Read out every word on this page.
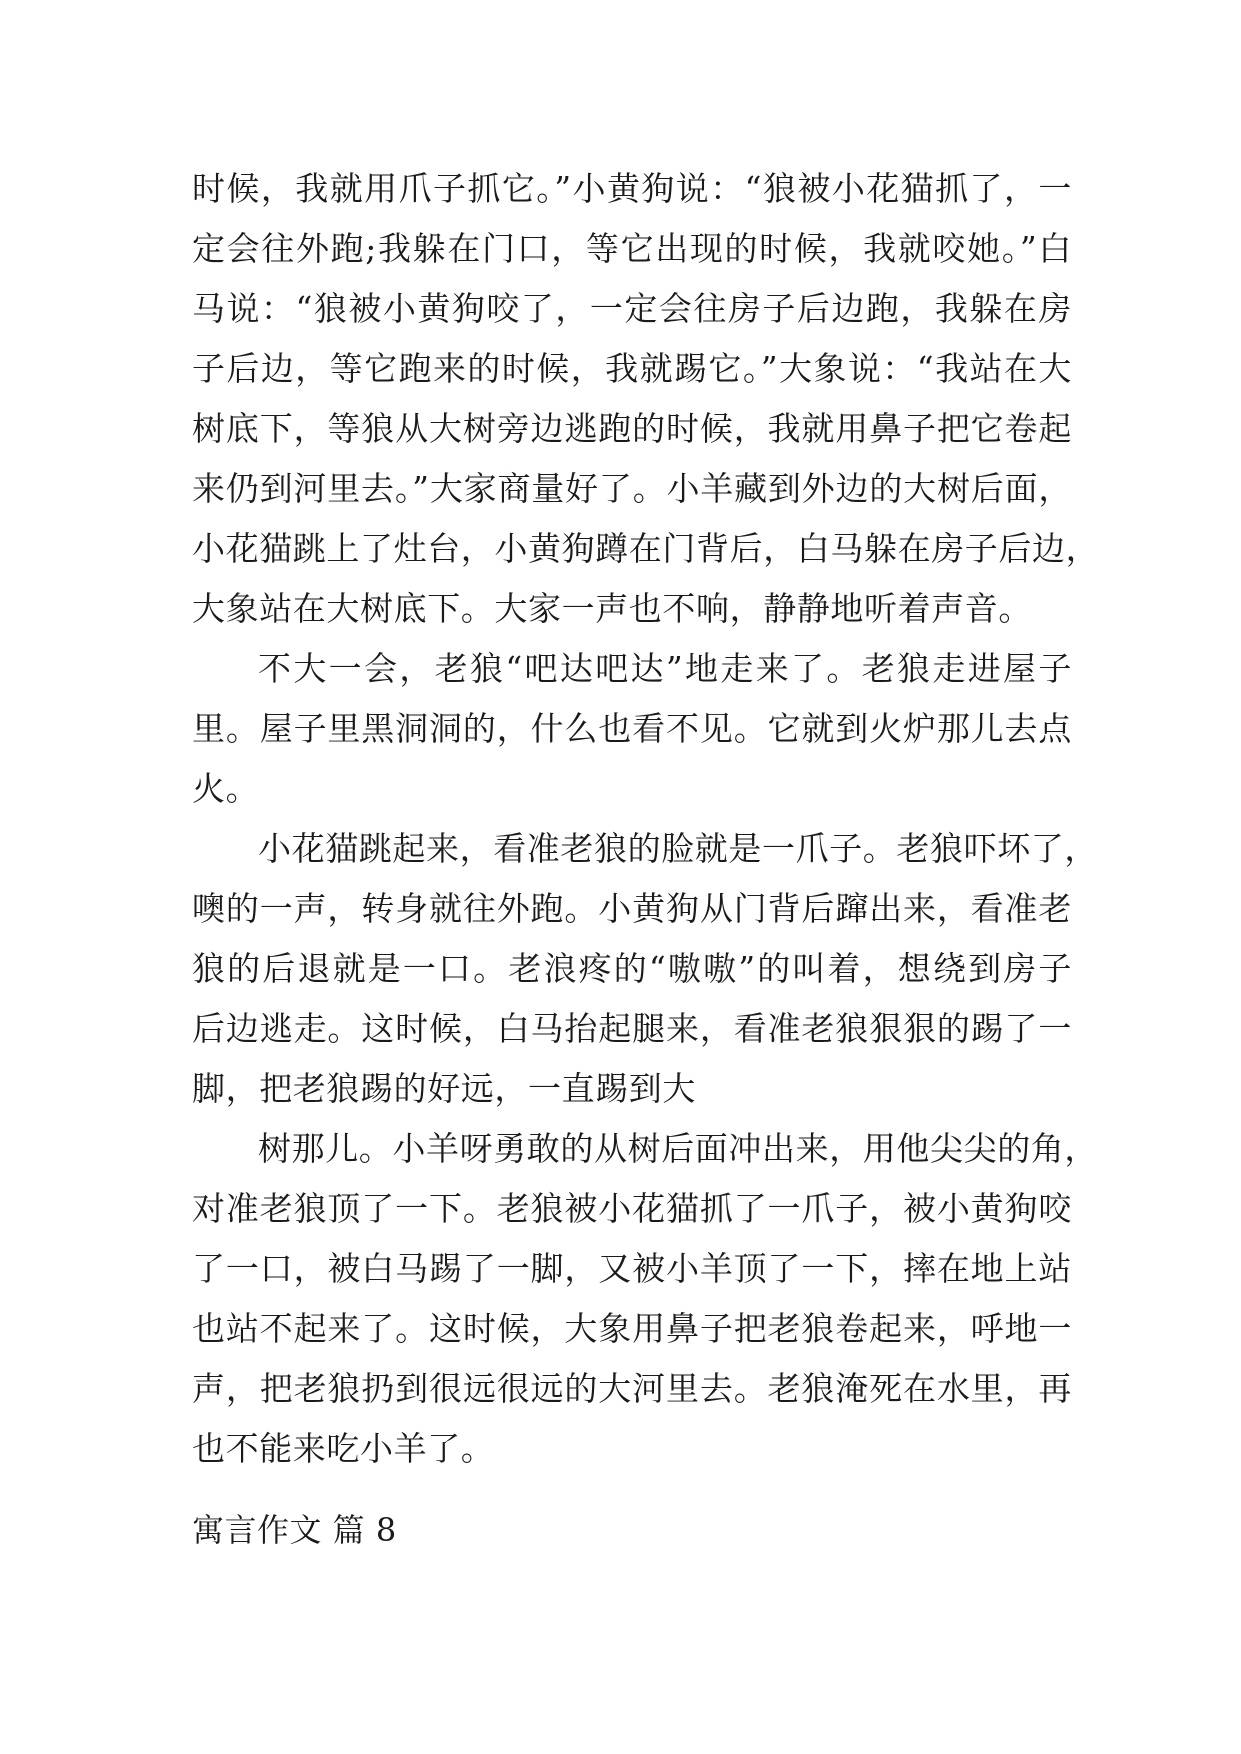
时候，我就用爪子抓它。”小黄狗说：“狼被小花猫抓了，一
定会往外跑;我躲在门口，等它出现的时候，我就咬她。”白
马说：“狼被小黄狗咬了，一定会往房子后边跑，我躲在房
子后边，等它跑来的时候，我就踢它。”大象说：“我站在大
树底下，等狼从大树旁边逃跑的时候，我就用鼻子把它卷起
来仍到河里去。”大家商量好了。小羊藏到外边的大树后面，
小花猫跳上了灶台，小黄狗蹲在门背后，白马躲在房子后边，
大象站在大树底下。大家一声也不响，静静地听着声音。
不大一会，老狼“吧达吧达”地走来了。老狼走进屋子
里。屋子里黑洞洞的，什么也看不见。它就到火炉那儿去点
火。
小花猫跳起来，看准老狼的脸就是一爪子。老狼吓坏了，
噢的一声，转身就往外跑。小黄狗从门背后蹿出来，看准老
狼的后退就是一口。老浪疼的“嗷嗷”的叫着，想绕到房子
后边逃走。这时候，白马抬起腿来，看准老狼狠狠的踢了一
脚，把老狼踢的好远，一直踢到大
树那儿。小羊呀勇敢的从树后面冲出来，用他尖尖的角，
对准老狼顶了一下。老狼被小花猫抓了一爪子，被小黄狗咬
了一口，被白马踢了一脚，又被小羊顶了一下，摔在地上站
也站不起来了。这时候，大象用鼻子把老狼卷起来，呼地一
声，把老狼扔到很远很远的大河里去。老狼淹死在水里，再
也不能来吃小羊了。
寓言作文 篇 8
